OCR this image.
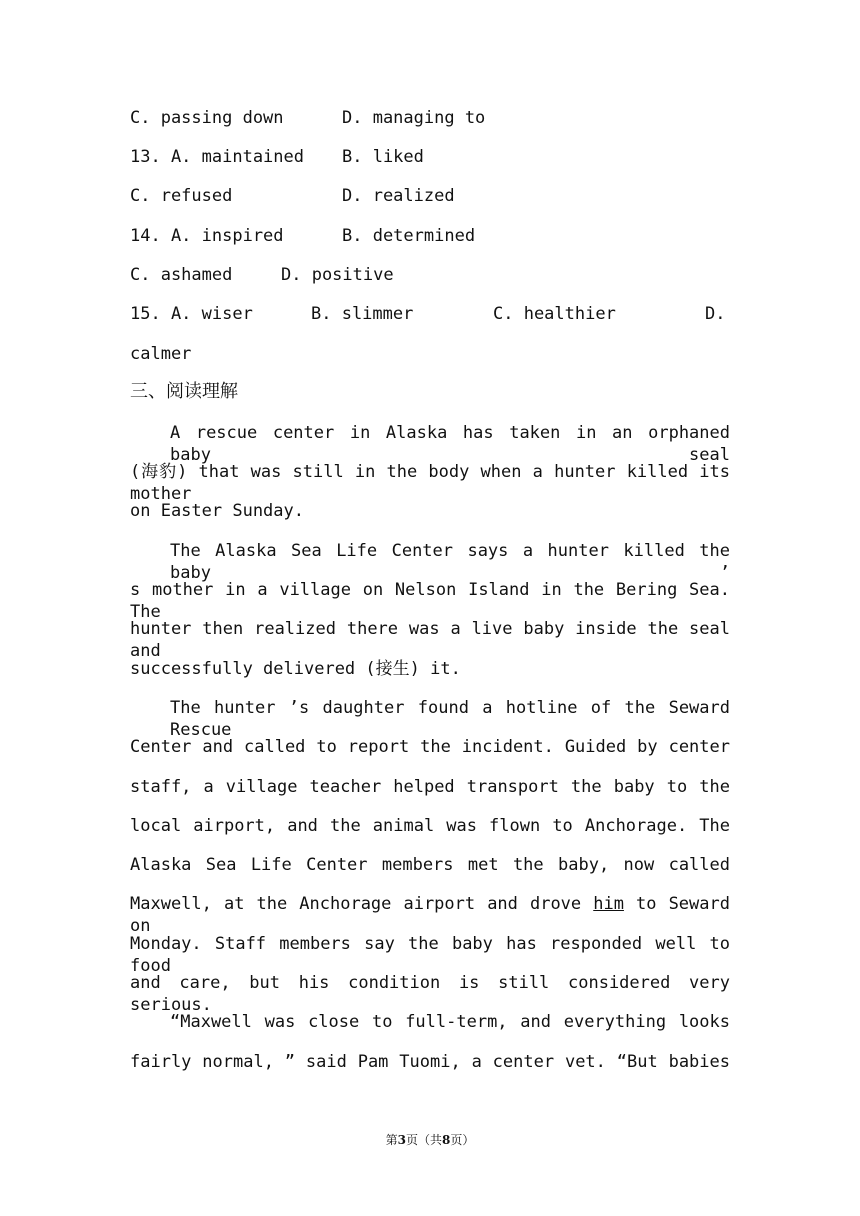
C. passing down

	D. managing to

13. A. maintained

B. liked

C. refused

	D. realized

14. A. inspired

	B. determined

C. ashamed

	D. positive

15. A. wiser

	B. slimmer

	C. healthier

	D.

calmer
三、阅读理解
A rescue center in Alaska has taken in an orphaned baby seal
(海豹) that was still in the body when a hunter killed its mother
on Easter Sunday.
The Alaska Sea Life Center says a hunter killed the baby ’
s mother in a village on Nelson Island in the Bering Sea. The
hunter then realized there was a live baby inside the seal and
successfully delivered (接生) it.
The hunter ’s daughter found a hotline of the Seward Rescue
Center and called to report the incident. Guided by center
staff, a village teacher helped transport the baby to the
local airport, and the animal was flown to Anchorage. The
Alaska Sea Life Center members met the baby, now called
Maxwell, at the Anchorage airport and drove him to Seward on
Monday. Staff members say the baby has responded well to food
and care, but his condition is still considered very serious.
“Maxwell was close to full-term, and everything looks
fairly normal, ” said Pam Tuomi, a center vet. “But babies
第3页（共8页）
